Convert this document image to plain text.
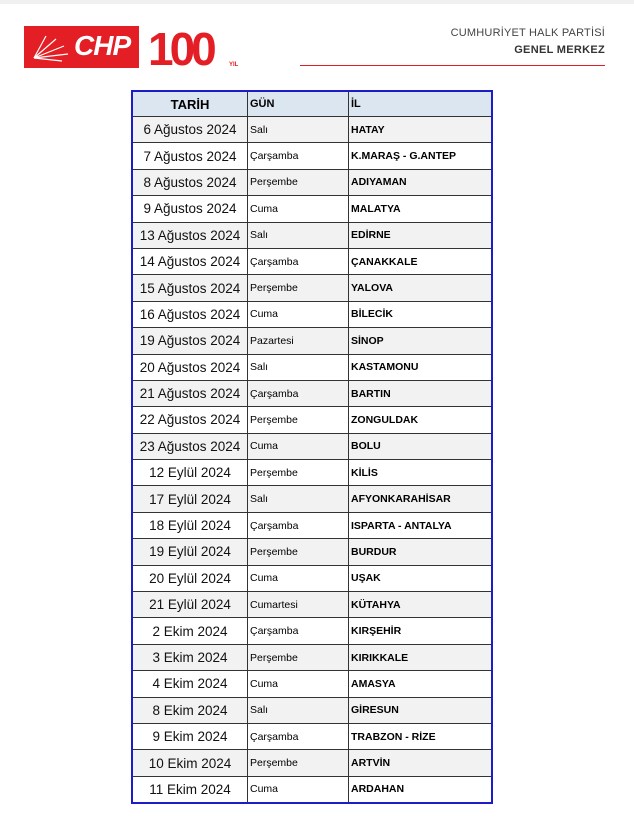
CHP 100	YIL
CUMHURİYET HALK PARTİSİ
GENEL MERKEZ
TARİH	GÜN	İL
6 Ağustos 2024	Salı	HATAY
7 Ağustos 2024	Çarşamba	K.MARAŞ - G.ANTEP
8 Ağustos 2024	Perşembe	ADIYAMAN
9 Ağustos 2024	Cuma	MALATYA
13 Ağustos 2024	Salı	EDİRNE
14 Ağustos 2024	Çarşamba	ÇANAKKALE
15 Ağustos 2024	Perşembe	YALOVA
16 Ağustos 2024	Cuma	BİLECİK
19 Ağustos 2024	Pazartesi	SİNOP
20 Ağustos 2024	Salı	KASTAMONU
21 Ağustos 2024	Çarşamba	BARTIN
22 Ağustos 2024	Perşembe	ZONGULDAK
23 Ağustos 2024	Cuma	BOLU
12 Eylül 2024	Perşembe	KİLİS
17 Eylül 2024	Salı	AFYONKARAHİSAR
18 Eylül 2024	Çarşamba	ISPARTA - ANTALYA
19 Eylül 2024	Perşembe	BURDUR
20 Eylül 2024	Cuma	UŞAK
21 Eylül 2024	Cumartesi	KÜTAHYA
2 Ekim 2024	Çarşamba	KIRŞEHİR
3 Ekim 2024	Perşembe	KIRIKKALE
4 Ekim 2024	Cuma	AMASYA
8 Ekim 2024	Salı	GİRESUN
9 Ekim 2024	Çarşamba	TRABZON - RİZE
10 Ekim 2024	Perşembe	ARTVİN
11 Ekim 2024	Cuma	ARDAHAN
